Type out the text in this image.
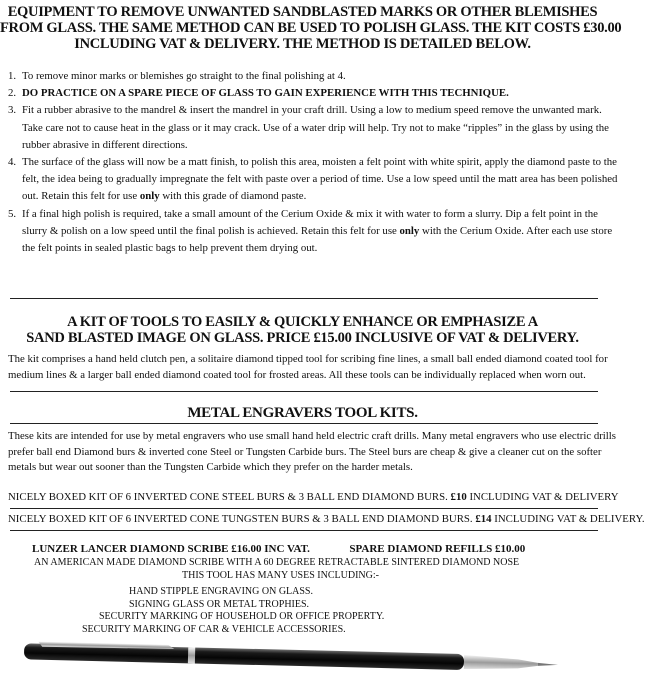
EQUIPMENT TO REMOVE UNWANTED SANDBLASTED MARKS OR OTHER BLEMISHES
FROM GLASS. THE SAME METHOD CAN BE USED TO POLISH GLASS. THE KIT COSTS £30.00
INCLUDING VAT & DELIVERY. THE METHOD IS DETAILED BELOW.
1. To remove minor marks or blemishes go straight to the final polishing at 4.
2. DO PRACTICE ON A SPARE PIECE OF GLASS TO GAIN EXPERIENCE WITH THIS TECHNIQUE.
3. Fit a rubber abrasive to the mandrel & insert the mandrel in your craft drill. Using a low to medium speed remove the unwanted mark.
Take care not to cause heat in the glass or it may crack. Use of a water drip will help. Try not to make “ripples” in the glass by using the
rubber abrasive in different directions.
4. The surface of the glass will now be a matt finish, to polish this area, moisten a felt point with white spirit, apply the diamond paste to the
felt, the idea being to gradually impregnate the felt with paste over a period of time. Use a low speed until the matt area has been polished
out. Retain this felt for use only with this grade of diamond paste.
5. If a final high polish is required, take a small amount of the Cerium Oxide & mix it with water to form a slurry. Dip a felt point in the
slurry & polish on a low speed until the final polish is achieved. Retain this felt for use only with the Cerium Oxide. After each use store
the felt points in sealed plastic bags to help prevent them drying out.
A KIT OF TOOLS TO EASILY & QUICKLY ENHANCE OR EMPHASIZE A
SAND BLASTED IMAGE ON GLASS. PRICE £15.00 INCLUSIVE OF VAT & DELIVERY.
The kit comprises a hand held clutch pen, a solitaire diamond tipped tool for scribing fine lines, a small ball ended diamond coated tool for
medium lines & a larger ball ended diamond coated tool for frosted areas. All these tools can be individually replaced when worn out.
METAL ENGRAVERS TOOL KITS.
These kits are intended for use by metal engravers who use small hand held electric craft drills. Many metal engravers who use electric drills
prefer ball end Diamond burs & inverted cone Steel or Tungsten Carbide burs. The Steel burs are cheap & give a cleaner cut on the softer
metals but wear out sooner than the Tungsten Carbide which they prefer on the harder metals.
NICELY BOXED KIT OF 6 INVERTED CONE STEEL BURS & 3 BALL END DIAMOND BURS. £10 INCLUDING VAT & DELIVERY
NICELY BOXED KIT OF 6 INVERTED CONE TUNGSTEN BURS & 3 BALL END DIAMOND BURS. £14 INCLUDING VAT & DELIVERY.
LUNZER LANCER DIAMOND SCRIBE £16.00 INC VAT.	SPARE DIAMOND REFILLS £10.00
AN AMERICAN MADE DIAMOND SCRIBE WITH A 60 DEGREE RETRACTABLE SINTERED DIAMOND NOSE
THIS TOOL HAS MANY USES INCLUDING:-
HAND STIPPLE ENGRAVING ON GLASS.
SIGNING GLASS OR METAL TROPHIES.
SECURITY MARKING OF HOUSEHOLD OR OFFICE PROPERTY.
SECURITY MARKING OF CAR & VEHICLE ACCESSORIES.
